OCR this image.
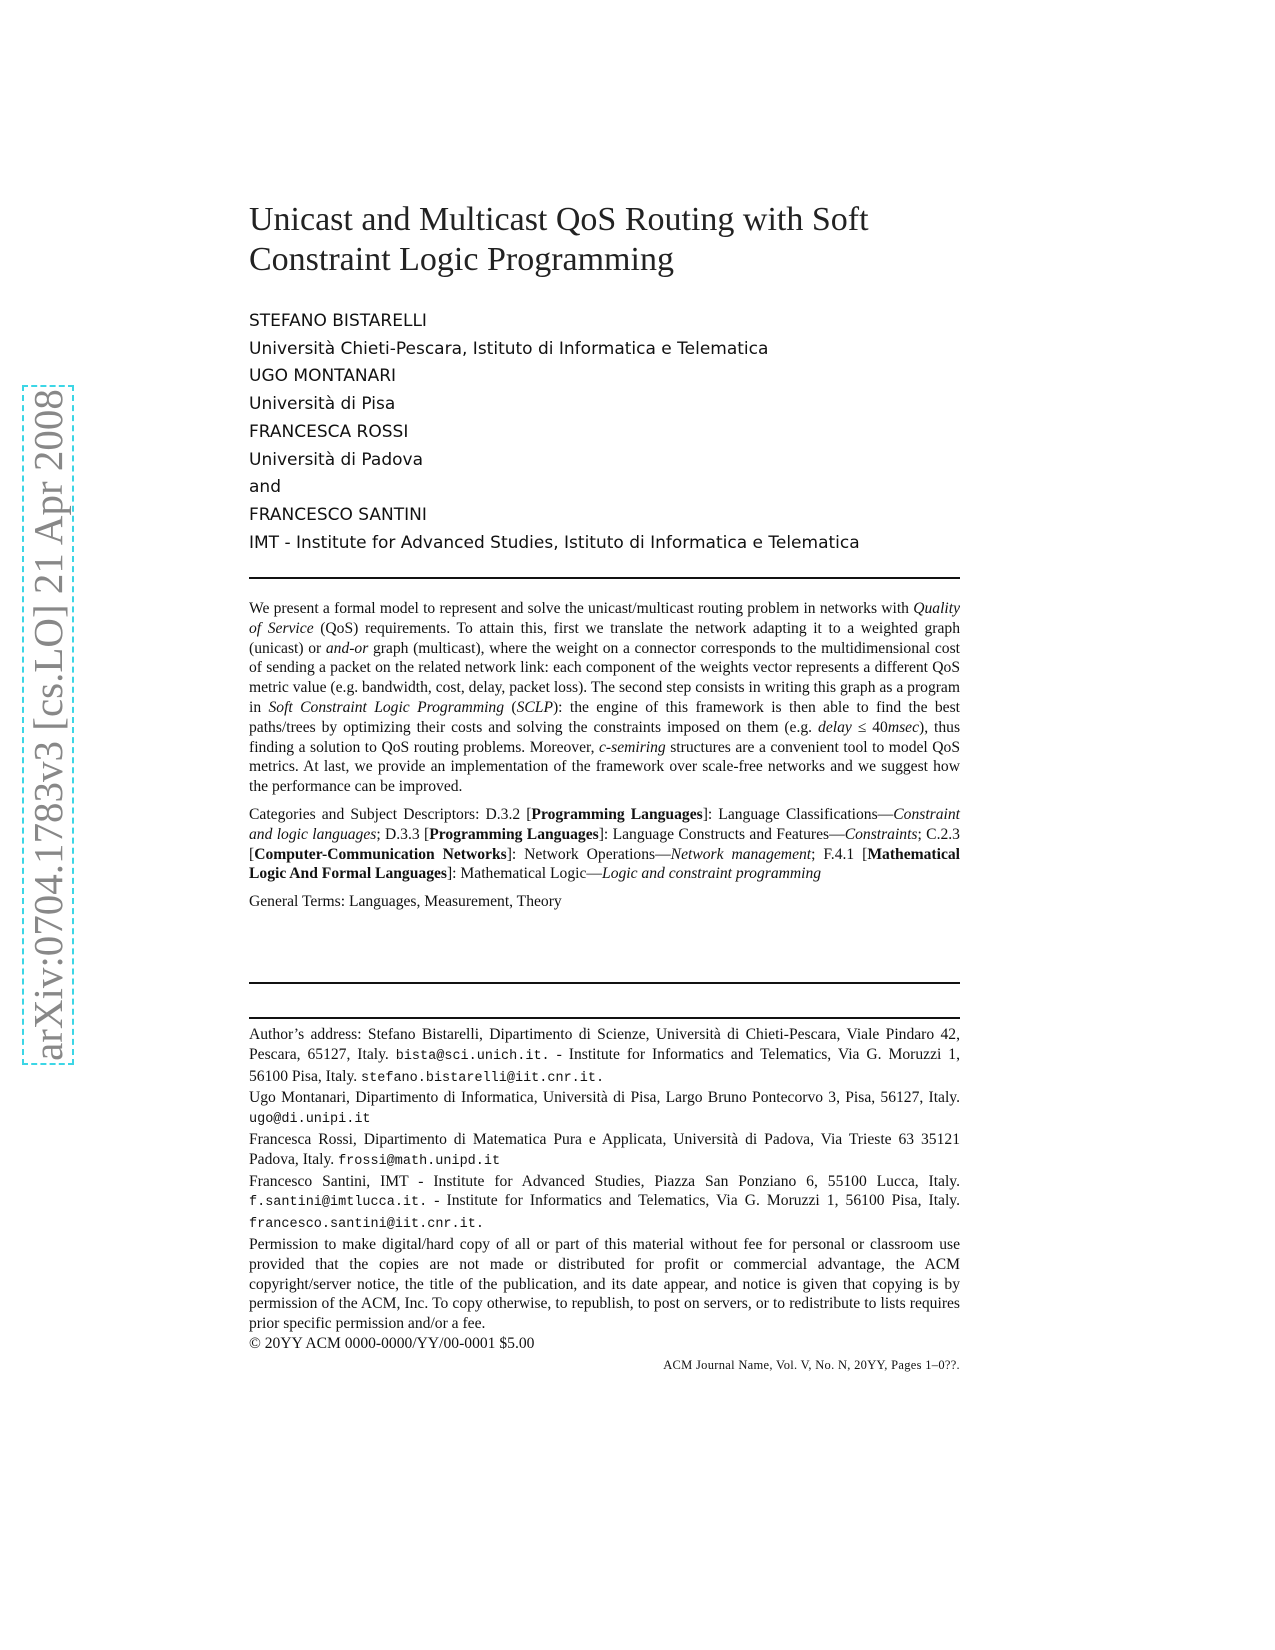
arXiv:0704.1783v3 [cs.LO] 21 Apr 2008
Unicast and Multicast QoS Routing with Soft Constraint Logic Programming
STEFANO BISTARELLI
Università Chieti-Pescara, Istituto di Informatica e Telematica
UGO MONTANARI
Università di Pisa
FRANCESCA ROSSI
Università di Padova
and
FRANCESCO SANTINI
IMT - Institute for Advanced Studies, Istituto di Informatica e Telematica

We present a formal model to represent and solve the unicast/multicast routing problem in networks with Quality of Service (QoS) requirements. To attain this, first we translate the network adapting it to a weighted graph (unicast) or and-or graph (multicast), where the weight on a connector corresponds to the multidimensional cost of sending a packet on the related network link: each component of the weights vector represents a different QoS metric value (e.g. bandwidth, cost, delay, packet loss). The second step consists in writing this graph as a program in Soft Constraint Logic Programming (SCLP): the engine of this framework is then able to find the best paths/trees by optimizing their costs and solving the constraints imposed on them (e.g. delay ≤ 40msec), thus finding a solution to QoS routing problems. Moreover, c-semiring structures are a convenient tool to model QoS metrics. At last, we provide an implementation of the framework over scale-free networks and we suggest how the performance can be improved.

Categories and Subject Descriptors: D.3.2 [Programming Languages]: Language Classifications—Constraint and logic languages; D.3.3 [Programming Languages]: Language Constructs and Features—Constraints; C.2.3 [Computer-Communication Networks]: Network Operations—Network management; F.4.1 [Mathematical Logic And Formal Languages]: Mathematical Logic—Logic and constraint programming

General Terms: Languages, Measurement, Theory

Author’s address: Stefano Bistarelli, Dipartimento di Scienze, Università di Chieti-Pescara, Viale Pindaro 42, Pescara, 65127, Italy. bista@sci.unich.it. - Institute for Informatics and Telematics, Via G. Moruzzi 1, 56100 Pisa, Italy. stefano.bistarelli@iit.cnr.it.

Ugo Montanari, Dipartimento di Informatica, Università di Pisa, Largo Bruno Pontecorvo 3, Pisa, 56127, Italy. ugo@di.unipi.it

Francesca Rossi, Dipartimento di Matematica Pura e Applicata, Università di Padova, Via Trieste 63 35121 Padova, Italy. frossi@math.unipd.it

Francesco Santini, IMT - Institute for Advanced Studies, Piazza San Ponziano 6, 55100 Lucca, Italy. f.santini@imtlucca.it. - Institute for Informatics and Telematics, Via G. Moruzzi 1, 56100 Pisa, Italy. francesco.santini@iit.cnr.it.

Permission to make digital/hard copy of all or part of this material without fee for personal or classroom use provided that the copies are not made or distributed for profit or commercial advantage, the ACM copyright/server notice, the title of the publication, and its date appear, and notice is given that copying is by permission of the ACM, Inc. To copy otherwise, to republish, to post on servers, or to redistribute to lists requires prior specific permission and/or a fee.

© 20YY ACM 0000-0000/YY/00-0001 $5.00

ACM Journal Name, Vol. V, No. N, 20YY, Pages 1–0??.
